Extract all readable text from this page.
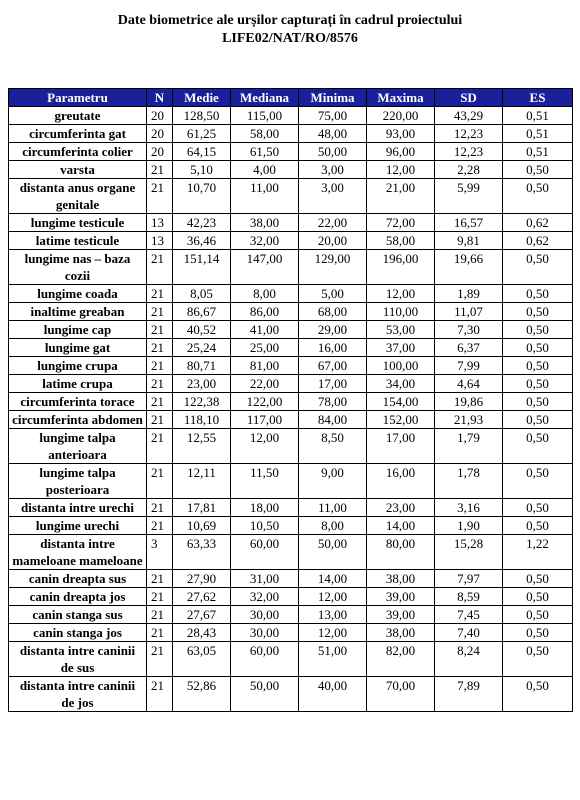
Date biometrice ale urșilor capturați în cadrul proiectului
LIFE02/NAT/RO/8576
Parametru	N	Medie	Mediana	Minima	Maxima	SD	ES
greutate	20	128,50	115,00	75,00	220,00	43,29	0,51
circumferinta gat	20	61,25	58,00	48,00	93,00	12,23	0,51
circumferinta colier	20	64,15	61,50	50,00	96,00	12,23	0,51
varsta	21	5,10	4,00	3,00	12,00	2,28	0,50
distanta anus organe genitale	21	10,70	11,00	3,00	21,00	5,99	0,50
lungime testicule	13	42,23	38,00	22,00	72,00	16,57	0,62
latime testicule	13	36,46	32,00	20,00	58,00	9,81	0,62
lungime nas – baza cozii	21	151,14	147,00	129,00	196,00	19,66	0,50
lungime coada	21	8,05	8,00	5,00	12,00	1,89	0,50
inaltime greaban	21	86,67	86,00	68,00	110,00	11,07	0,50
lungime cap	21	40,52	41,00	29,00	53,00	7,30	0,50
lungime gat	21	25,24	25,00	16,00	37,00	6,37	0,50
lungime crupa	21	80,71	81,00	67,00	100,00	7,99	0,50
latime crupa	21	23,00	22,00	17,00	34,00	4,64	0,50
circumferinta torace	21	122,38	122,00	78,00	154,00	19,86	0,50
circumferinta abdomen	21	118,10	117,00	84,00	152,00	21,93	0,50
lungime talpa anterioara	21	12,55	12,00	8,50	17,00	1,79	0,50
lungime talpa posterioara	21	12,11	11,50	9,00	16,00	1,78	0,50
distanta intre urechi	21	17,81	18,00	11,00	23,00	3,16	0,50
lungime urechi	21	10,69	10,50	8,00	14,00	1,90	0,50
distanta intre mameloane mameloane	3	63,33	60,00	50,00	80,00	15,28	1,22
canin dreapta sus	21	27,90	31,00	14,00	38,00	7,97	0,50
canin dreapta jos	21	27,62	32,00	12,00	39,00	8,59	0,50
canin stanga sus	21	27,67	30,00	13,00	39,00	7,45	0,50
canin stanga jos	21	28,43	30,00	12,00	38,00	7,40	0,50
distanta intre caninii de sus	21	63,05	60,00	51,00	82,00	8,24	0,50
distanta intre caninii de jos	21	52,86	50,00	40,00	70,00	7,89	0,50
